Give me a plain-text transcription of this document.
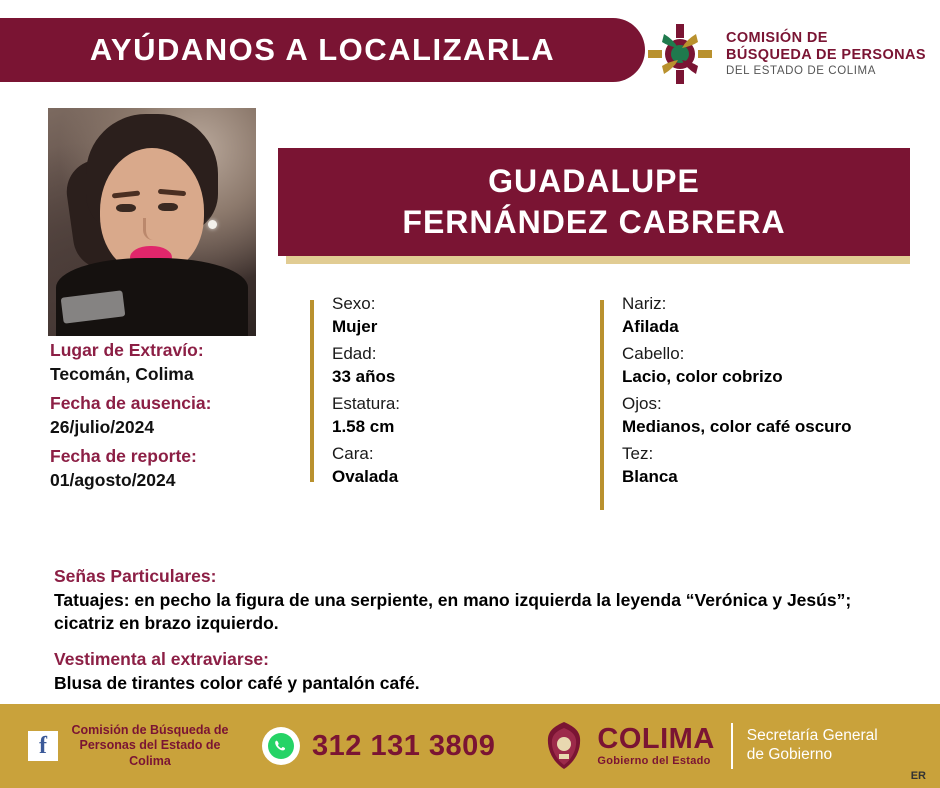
AYÚDANOS A LOCALIZARLA	COMISIÓN DE
BÚSQUEDA DE PERSONAS
DEL ESTADO DE COLIMA
Lugar de Extravío:
Tecomán, Colima
Fecha de ausencia:
26/julio/2024
Fecha de reporte:
01/agosto/2024
GUADALUPE
FERNÁNDEZ CABRERA
Sexo:
Mujer
Edad:
33 años
Estatura:
1.58 cm
Cara:
Ovalada
Nariz:
Afilada
Cabello:
Lacio, color cobrizo
Ojos:
Medianos, color café oscuro
Tez:
Blanca
Señas Particulares:
Tatuajes: en pecho la figura de una serpiente, en mano izquierda la leyenda “Verónica y Jesús”; cicatriz en brazo izquierdo.
Vestimenta al extraviarse:
Blusa de tirantes color café y pantalón café.
f
Comisión de Búsqueda de Personas del Estado de Colima	312 131 3809	COLIMA
Gobierno del Estado
Secretaría General
de Gobierno
ER
